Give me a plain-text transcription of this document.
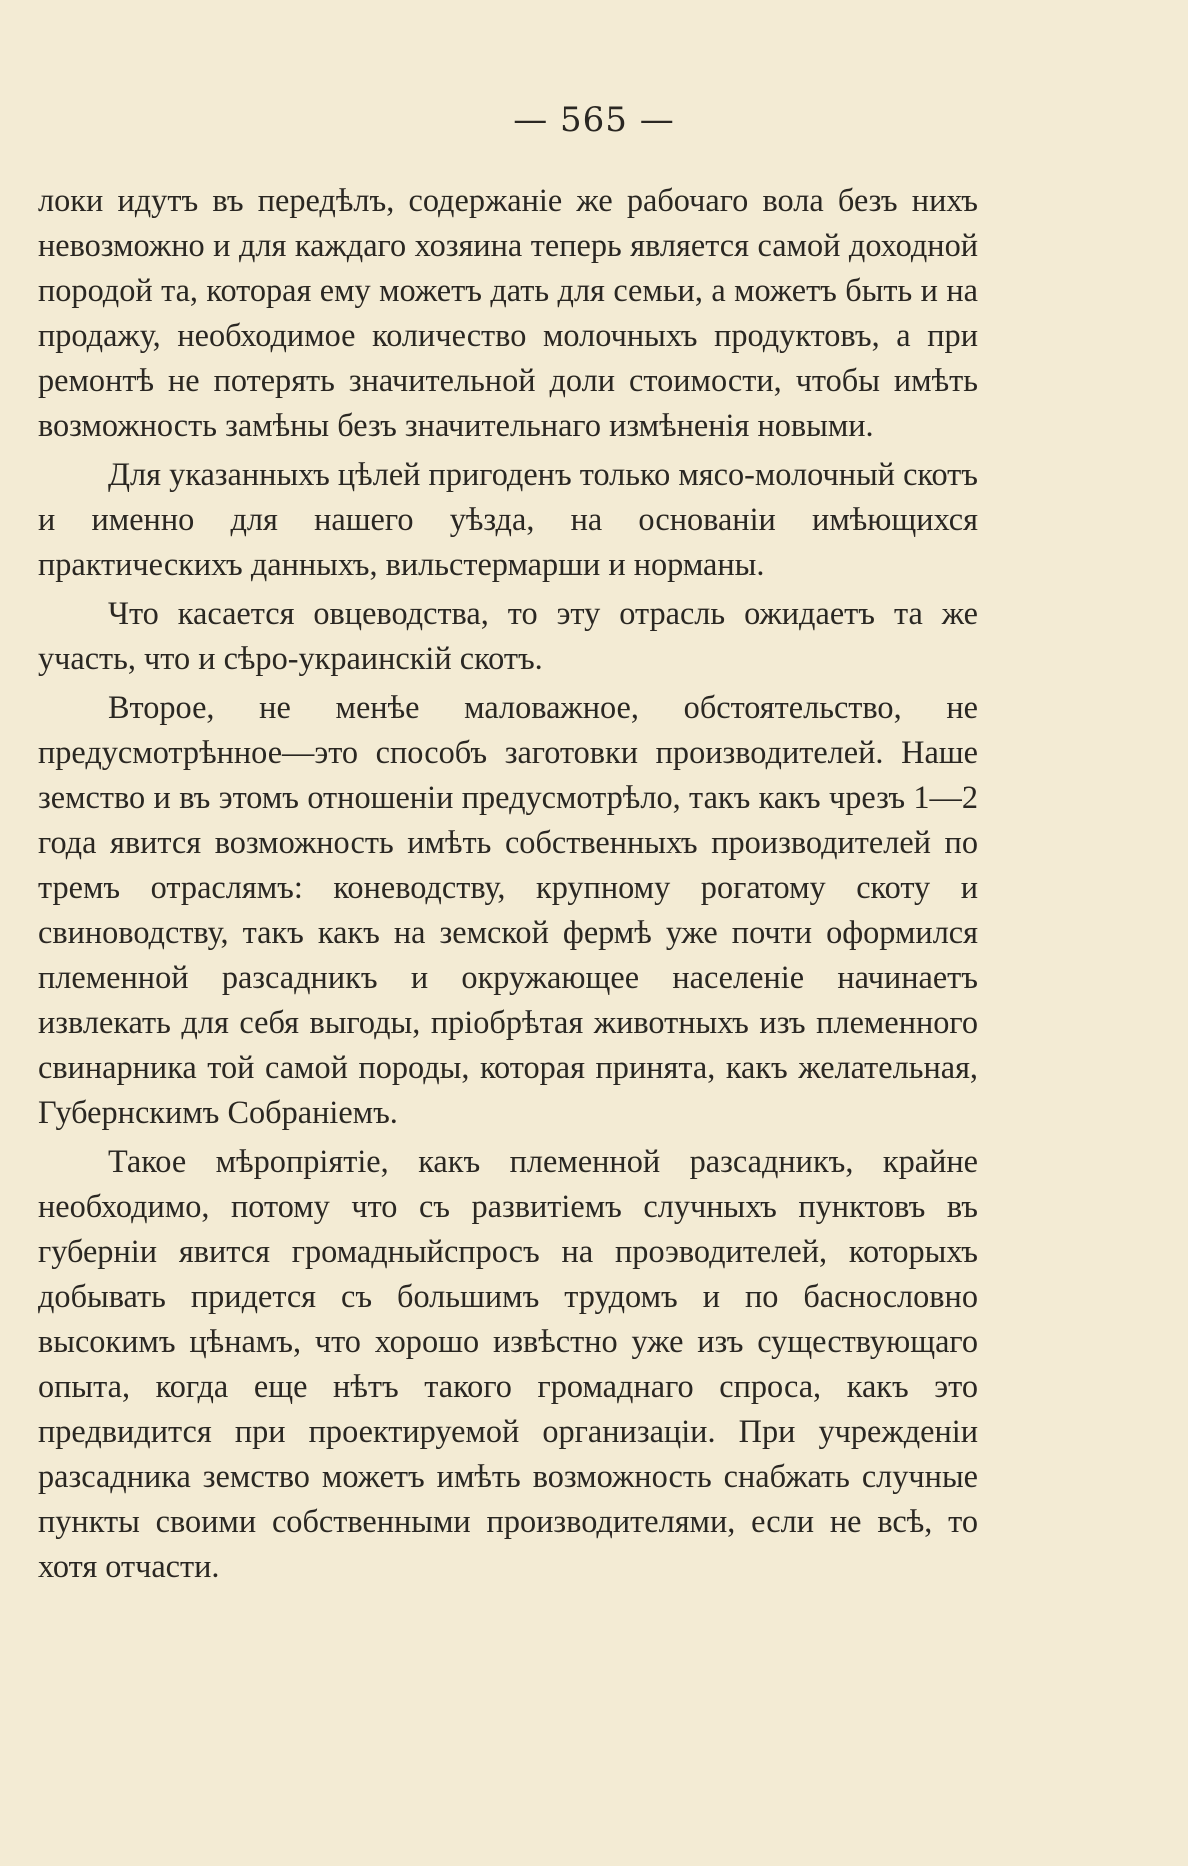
— 565 —

локи идутъ въ передѣлъ, содержаніе же рабочаго вола безъ нихъ невозможно и для каждаго хозяина теперь является самой доходной породой та, которая ему можетъ дать для семьи, а можетъ быть и на продажу, необходимое количество молочныхъ продуктовъ, а при ремонтѣ не потерять значительной доли стоимости, чтобы имѣть возможность замѣны безъ значительнаго измѣненія новыми.

Для указанныхъ цѣлей пригоденъ только мясо-молочный скотъ и именно для нашего уѣзда, на основаніи имѣющихся практическихъ данныхъ, вильстермарши и норманы.

Что касается овцеводства, то эту отрасль ожидаетъ та же участь, что и сѣро-украинскій скотъ.

Второе, не менѣе маловажное, обстоятельство, не предусмотрѣнное—это способъ заготовки производителей. Наше земство и въ этомъ отношеніи предусмотрѣло, такъ какъ чрезъ 1—2 года явится возможность имѣть собственныхъ производителей по тремъ отраслямъ: коневодству, крупному рогатому скоту и свиноводству, такъ какъ на земской фермѣ уже почти оформился племенной разсадникъ и окружающее населеніе начинаетъ извлекать для себя выгоды, пріобрѣтая животныхъ изъ племенного свинарника той самой породы, которая принята, какъ желательная, Губернскимъ Собраніемъ.

Такое мѣропріятіе, какъ племенной разсадникъ, крайне необходимо, потому что съ развитіемъ случныхъ пунктовъ въ губерніи явится громадныйспросъ на проэводителей, которыхъ добывать придется съ большимъ трудомъ и по баснословно высокимъ цѣнамъ, что хорошо извѣстно уже изъ существующаго опыта, когда еще нѣтъ такого громаднаго спроса, какъ это предвидится при проектируемой организаціи. При учрежденіи разсадника земство можетъ имѣть возможность снабжать случные пункты своими собственными производителями, если не всѣ, то хотя отчасти.
